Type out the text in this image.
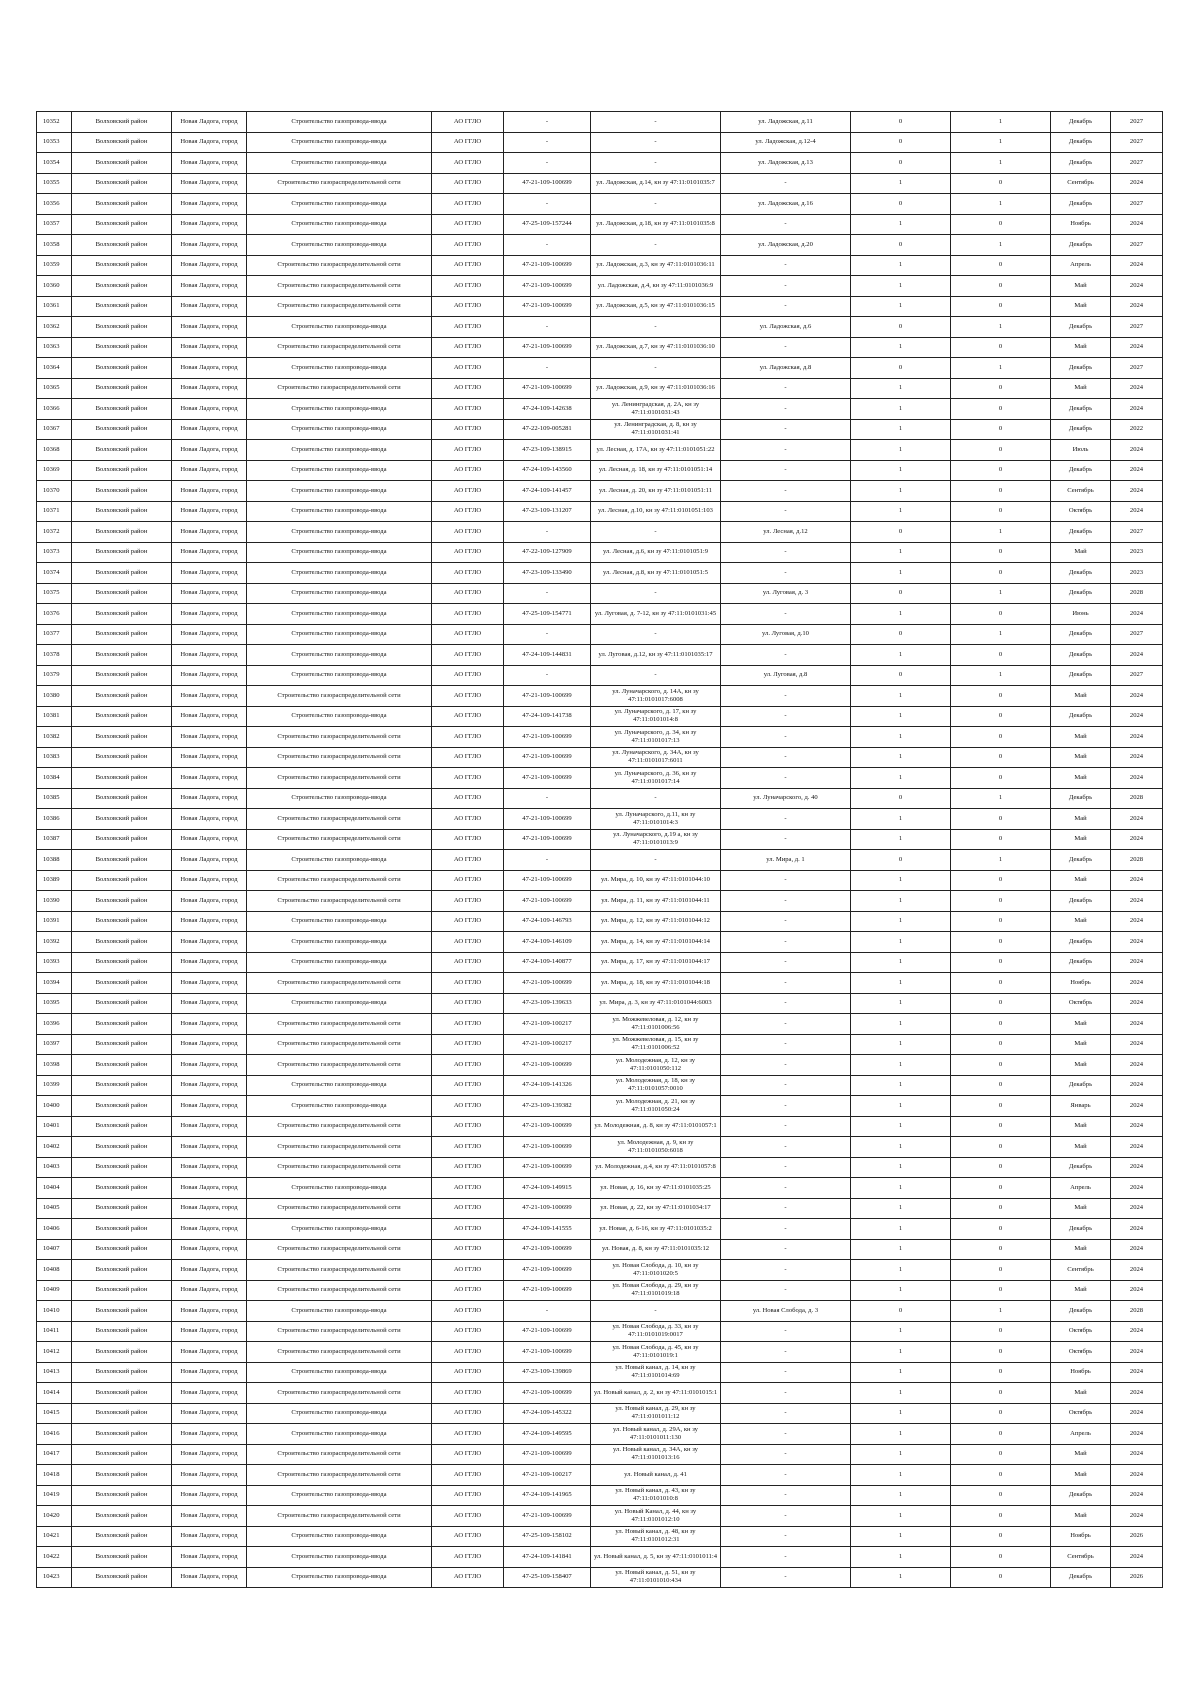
10352	Волховский район	Новая Ладога, город	Строительство газопровода-ввода	АО ГГЛО	-	-	ул. Ладожская, д.11	0	1	Декабрь	2027
10353	Волховский район	Новая Ладога, город	Строительство газопровода-ввода	АО ГГЛО	-	-	ул. Ладожская, д.12-4	0	1	Декабрь	2027
10354	Волховский район	Новая Ладога, город	Строительство газопровода-ввода	АО ГГЛО	-	-	ул. Ладожская, д.13	0	1	Декабрь	2027
10355	Волховский район	Новая Ладога, город	Строительство газораспределительной сети	АО ГГЛО	47-21-109-100699	ул. Ладожская, д.14, кн зу 47:11:0101035:7	-	1	0	Сентябрь	2024
10356	Волховский район	Новая Ладога, город	Строительство газопровода-ввода	АО ГГЛО	-	-	ул. Ладожская, д.16	0	1	Декабрь	2027
10357	Волховский район	Новая Ладога, город	Строительство газопровода-ввода	АО ГГЛО	47-25-109-157244	ул. Ладожская, д.18, кн зу 47:11:0101035:8	-	1	0	Ноябрь	2024
10358	Волховский район	Новая Ладога, город	Строительство газопровода-ввода	АО ГГЛО	-	-	ул. Ладожская, д.20	0	1	Декабрь	2027
10359	Волховский район	Новая Ладога, город	Строительство газораспределительной сети	АО ГГЛО	47-21-109-100699	ул. Ладожская, д.3, кн зу 47:11:0101036:11	-	1	0	Апрель	2024
10360	Волховский район	Новая Ладога, город	Строительство газораспределительной сети	АО ГГЛО	47-21-109-100699	ул. Ладожская, д.4, кн зу 47:11:0101036:9	-	1	0	Май	2024
10361	Волховский район	Новая Ладога, город	Строительство газораспределительной сети	АО ГГЛО	47-21-109-100699	ул. Ладожская, д.5, кн зу 47:11:0101036:15	-	1	0	Май	2024
10362	Волховский район	Новая Ладога, город	Строительство газопровода-ввода	АО ГГЛО	-	-	ул. Ладожская, д.6	0	1	Декабрь	2027
10363	Волховский район	Новая Ладога, город	Строительство газораспределительной сети	АО ГГЛО	47-21-109-100699	ул. Ладожская, д.7, кн зу 47:11:0101036:10	-	1	0	Май	2024
10364	Волховский район	Новая Ладога, город	Строительство газопровода-ввода	АО ГГЛО	-	-	ул. Ладожская, д.8	0	1	Декабрь	2027
10365	Волховский район	Новая Ладога, город	Строительство газораспределительной сети	АО ГГЛО	47-21-109-100699	ул. Ладожская, д.9, кн зу 47:11:0101036:16	-	1	0	Май	2024
10366	Волховский район	Новая Ладога, город	Строительство газопровода-ввода	АО ГГЛО	47-24-109-142638	ул. Ленинградская, д. 2А, кн зу 47:11:0101031:43	-	1	0	Декабрь	2024
10367	Волховский район	Новая Ладога, город	Строительство газопровода-ввода	АО ГГЛО	47-22-109-005281	ул. Ленинградская, д. 8, кн зу 47:11:0101031:41	-	1	0	Декабрь	2022
10368	Волховский район	Новая Ладога, город	Строительство газопровода-ввода	АО ГГЛО	47-23-109-138915	ул. Лесная, д. 17А, кн зу 47:11:0101051:22	-	1	0	Июль	2024
10369	Волховский район	Новая Ладога, город	Строительство газопровода-ввода	АО ГГЛО	47-24-109-143560	ул. Лесная, д. 18, кн зу 47:11:0101051:14	-	1	0	Декабрь	2024
10370	Волховский район	Новая Ладога, город	Строительство газопровода-ввода	АО ГГЛО	47-24-109-141457	ул. Лесная, д. 20, кн зу 47:11:0101051:11	-	1	0	Сентябрь	2024
10371	Волховский район	Новая Ладога, город	Строительство газопровода-ввода	АО ГГЛО	47-23-109-131207	ул. Лесная, д.10, кн зу 47:11:0101051:103	-	1	0	Октябрь	2024
10372	Волховский район	Новая Ладога, город	Строительство газопровода-ввода	АО ГГЛО	-	-	ул. Лесная, д.12	0	1	Декабрь	2027
10373	Волховский район	Новая Ладога, город	Строительство газопровода-ввода	АО ГГЛО	47-22-109-127909	ул. Лесная, д.6, кн зу 47:11:0101051:9	-	1	0	Май	2023
10374	Волховский район	Новая Ладога, город	Строительство газопровода-ввода	АО ГГЛО	47-23-109-133490	ул. Лесная, д.8, кн зу 47:11:0101051:5	-	1	0	Декабрь	2023
10375	Волховский район	Новая Ладога, город	Строительство газопровода-ввода	АО ГГЛО	-	-	ул. Луговая, д. 3	0	1	Декабрь	2028
10376	Волховский район	Новая Ладога, город	Строительство газопровода-ввода	АО ГГЛО	47-25-109-154771	ул. Луговая, д. 7-12, кн зу 47:11:0101031:45	-	1	0	Июнь	2024
10377	Волховский район	Новая Ладога, город	Строительство газопровода-ввода	АО ГГЛО	-	-	ул. Луговая, д.10	0	1	Декабрь	2027
10378	Волховский район	Новая Ладога, город	Строительство газопровода-ввода	АО ГГЛО	47-24-109-144831	ул. Луговая, д.12, кн зу 47:11:0101035:17	-	1	0	Декабрь	2024
10379	Волховский район	Новая Ладога, город	Строительство газопровода-ввода	АО ГГЛО	-	-	ул. Луговая, д.8	0	1	Декабрь	2027
10380	Волховский район	Новая Ладога, город	Строительство газораспределительной сети	АО ГГЛО	47-21-109-100699	ул. Луначарского, д. 14А, кн зу 47:11:0101017:6008	-	1	0	Май	2024
10381	Волховский район	Новая Ладога, город	Строительство газопровода-ввода	АО ГГЛО	47-24-109-141738	ул. Луначарского, д. 17, кн зу 47:11:0101014:8	-	1	0	Декабрь	2024
10382	Волховский район	Новая Ладога, город	Строительство газораспределительной сети	АО ГГЛО	47-21-109-100699	ул. Луначарского, д. 34, кн зу 47:11:0101017:13	-	1	0	Май	2024
10383	Волховский район	Новая Ладога, город	Строительство газораспределительной сети	АО ГГЛО	47-21-109-100699	ул. Луначарского, д. 34А, кн зу 47:11:0101017:6011	-	1	0	Май	2024
10384	Волховский район	Новая Ладога, город	Строительство газораспределительной сети	АО ГГЛО	47-21-109-100699	ул. Луначарского, д. 36, кн зу 47:11:0101017:14	-	1	0	Май	2024
10385	Волховский район	Новая Ладога, город	Строительство газопровода-ввода	АО ГГЛО	-	-	ул. Луначарского, д. 40	0	1	Декабрь	2028
10386	Волховский район	Новая Ладога, город	Строительство газораспределительной сети	АО ГГЛО	47-21-109-100699	ул. Луначарского, д.11, кн зу 47:11:0101014:3	-	1	0	Май	2024
10387	Волховский район	Новая Ладога, город	Строительство газораспределительной сети	АО ГГЛО	47-21-109-100699	ул. Луначарского, д.19 а, кн зу 47:11:0101013:9	-	1	0	Май	2024
10388	Волховский район	Новая Ладога, город	Строительство газопровода-ввода	АО ГГЛО	-	-	ул. Мира, д. 1	0	1	Декабрь	2028
10389	Волховский район	Новая Ладога, город	Строительство газораспределительной сети	АО ГГЛО	47-21-109-100699	ул. Мира, д. 10, кн зу 47:11:0101044:10	-	1	0	Май	2024
10390	Волховский район	Новая Ладога, город	Строительство газораспределительной сети	АО ГГЛО	47-21-109-100699	ул. Мира, д. 11, кн зу 47:11:0101044:11	-	1	0	Декабрь	2024
10391	Волховский район	Новая Ладога, город	Строительство газопровода-ввода	АО ГГЛО	47-24-109-146793	ул. Мира, д. 12, кн зу 47:11:0101044:12	-	1	0	Май	2024
10392	Волховский район	Новая Ладога, город	Строительство газопровода-ввода	АО ГГЛО	47-24-109-146109	ул. Мира, д. 14, кн зу 47:11:0101044:14	-	1	0	Декабрь	2024
10393	Волховский район	Новая Ладога, город	Строительство газопровода-ввода	АО ГГЛО	47-24-109-140877	ул. Мира, д. 17, кн зу 47:11:0101044:17	-	1	0	Декабрь	2024
10394	Волховский район	Новая Ладога, город	Строительство газораспределительной сети	АО ГГЛО	47-21-109-100699	ул. Мира, д. 18, кн зу 47:11:0101044:18	-	1	0	Ноябрь	2024
10395	Волховский район	Новая Ладога, город	Строительство газопровода-ввода	АО ГГЛО	47-23-109-139633	ул. Мира, д. 3, кн зу 47:11:0101044:6003	-	1	0	Октябрь	2024
10396	Волховский район	Новая Ладога, город	Строительство газораспределительной сети	АО ГГЛО	47-21-109-100217	ул. Можжевеловая, д. 12, кн зу 47:11:0101006:56	-	1	0	Май	2024
10397	Волховский район	Новая Ладога, город	Строительство газораспределительной сети	АО ГГЛО	47-21-109-100217	ул. Можжевеловая, д. 15, кн зу 47:11:0101006:52	-	1	0	Май	2024
10398	Волховский район	Новая Ладога, город	Строительство газораспределительной сети	АО ГГЛО	47-21-109-100699	ул. Молодежная, д. 12, кн зу 47:11:0101050:112	-	1	0	Май	2024
10399	Волховский район	Новая Ладога, город	Строительство газопровода-ввода	АО ГГЛО	47-24-109-141326	ул. Молодежная, д. 18, кн зу 47:11:0101057:0010	-	1	0	Декабрь	2024
10400	Волховский район	Новая Ладога, город	Строительство газопровода-ввода	АО ГГЛО	47-23-109-139382	ул. Молодежная, д. 21, кн зу 47:11:0101050:24	-	1	0	Январь	2024
10401	Волховский район	Новая Ладога, город	Строительство газораспределительной сети	АО ГГЛО	47-21-109-100699	ул. Молодежная, д. 8, кн зу 47:11:0101057:1	-	1	0	Май	2024
10402	Волховский район	Новая Ладога, город	Строительство газораспределительной сети	АО ГГЛО	47-21-109-100699	ул. Молодежная, д. 9, кн зу 47:11:0101050:6018	-	1	0	Май	2024
10403	Волховский район	Новая Ладога, город	Строительство газораспределительной сети	АО ГГЛО	47-21-109-100699	ул. Молодежная, д.4, кн зу 47:11:0101057:8	-	1	0	Декабрь	2024
10404	Волховский район	Новая Ладога, город	Строительство газопровода-ввода	АО ГГЛО	47-24-109-149915	ул. Новая, д. 16, кн зу 47:11:0101035:25	-	1	0	Апрель	2024
10405	Волховский район	Новая Ладога, город	Строительство газораспределительной сети	АО ГГЛО	47-21-109-100699	ул. Новая, д. 22, кн зу 47:11:0101034:17	-	1	0	Май	2024
10406	Волховский район	Новая Ладога, город	Строительство газопровода-ввода	АО ГГЛО	47-24-109-141555	ул. Новая, д. 6-16, кн зу 47:11:0101035:2	-	1	0	Декабрь	2024
10407	Волховский район	Новая Ладога, город	Строительство газораспределительной сети	АО ГГЛО	47-21-109-100699	ул. Новая, д. 8, кн зу 47:11:0101035:12	-	1	0	Май	2024
10408	Волховский район	Новая Ладога, город	Строительство газораспределительной сети	АО ГГЛО	47-21-109-100699	ул. Новая Слобода, д. 10, кн зу 47:11:0101020:5	-	1	0	Сентябрь	2024
10409	Волховский район	Новая Ладога, город	Строительство газораспределительной сети	АО ГГЛО	47-21-109-100699	ул. Новая Слобода, д. 29, кн зу 47:11:0101019:18	-	1	0	Май	2024
10410	Волховский район	Новая Ладога, город	Строительство газопровода-ввода	АО ГГЛО	-	-	ул. Новая Слобода, д. 3	0	1	Декабрь	2028
10411	Волховский район	Новая Ладога, город	Строительство газораспределительной сети	АО ГГЛО	47-21-109-100699	ул. Новая Слобода, д. 33, кн зу 47:11:0101019:0017	-	1	0	Октябрь	2024
10412	Волховский район	Новая Ладога, город	Строительство газораспределительной сети	АО ГГЛО	47-21-109-100699	ул. Новая Слобода, д. 45, кн зу 47:11:0101019:1	-	1	0	Октябрь	2024
10413	Волховский район	Новая Ладога, город	Строительство газопровода-ввода	АО ГГЛО	47-23-109-139869	ул. Новый канал, д. 14, кн зу 47:11:0101014:69	-	1	0	Ноябрь	2024
10414	Волховский район	Новая Ладога, город	Строительство газораспределительной сети	АО ГГЛО	47-21-109-100699	ул. Новый канал, д. 2, кн зу 47:11:0101015:1	-	1	0	Май	2024
10415	Волховский район	Новая Ладога, город	Строительство газопровода-ввода	АО ГГЛО	47-24-109-145322	ул. Новый канал, д. 29, кн зу 47:11:0101011:12	-	1	0	Октябрь	2024
10416	Волховский район	Новая Ладога, город	Строительство газопровода-ввода	АО ГГЛО	47-24-109-149595	ул. Новый канал, д. 29А, кн зу 47:11:0101011:130	-	1	0	Апрель	2024
10417	Волховский район	Новая Ладога, город	Строительство газораспределительной сети	АО ГГЛО	47-21-109-100699	ул. Новый канал, д. 34А, кн зу 47:11:0101013:16	-	1	0	Май	2024
10418	Волховский район	Новая Ладога, город	Строительство газораспределительной сети	АО ГГЛО	47-21-109-100217	ул. Новый канал, д. 41	-	1	0	Май	2024
10419	Волховский район	Новая Ладога, город	Строительство газопровода-ввода	АО ГГЛО	47-24-109-141965	ул. Новый канал, д. 43, кн зу 47:11:0101010:8	-	1	0	Декабрь	2024
10420	Волховский район	Новая Ладога, город	Строительство газораспределительной сети	АО ГГЛО	47-21-109-100699	ул. Новый Канал, д. 44, кн зу 47:11:0101012:10	-	1	0	Май	2024
10421	Волховский район	Новая Ладога, город	Строительство газопровода-ввода	АО ГГЛО	47-25-109-158102	ул. Новый канал, д. 48, кн зу 47:11:0101012:31	-	1	0	Ноябрь	2026
10422	Волховский район	Новая Ладога, город	Строительство газопровода-ввода	АО ГГЛО	47-24-109-141841	ул. Новый канал, д. 5, кн зу 47:11:0101011:4	-	1	0	Сентябрь	2024
10423	Волховский район	Новая Ладога, город	Строительство газопровода-ввода	АО ГГЛО	47-25-109-158407	ул. Новый канал, д. 51, кн зу 47:11:0101010:434	-	1	0	Декабрь	2026
